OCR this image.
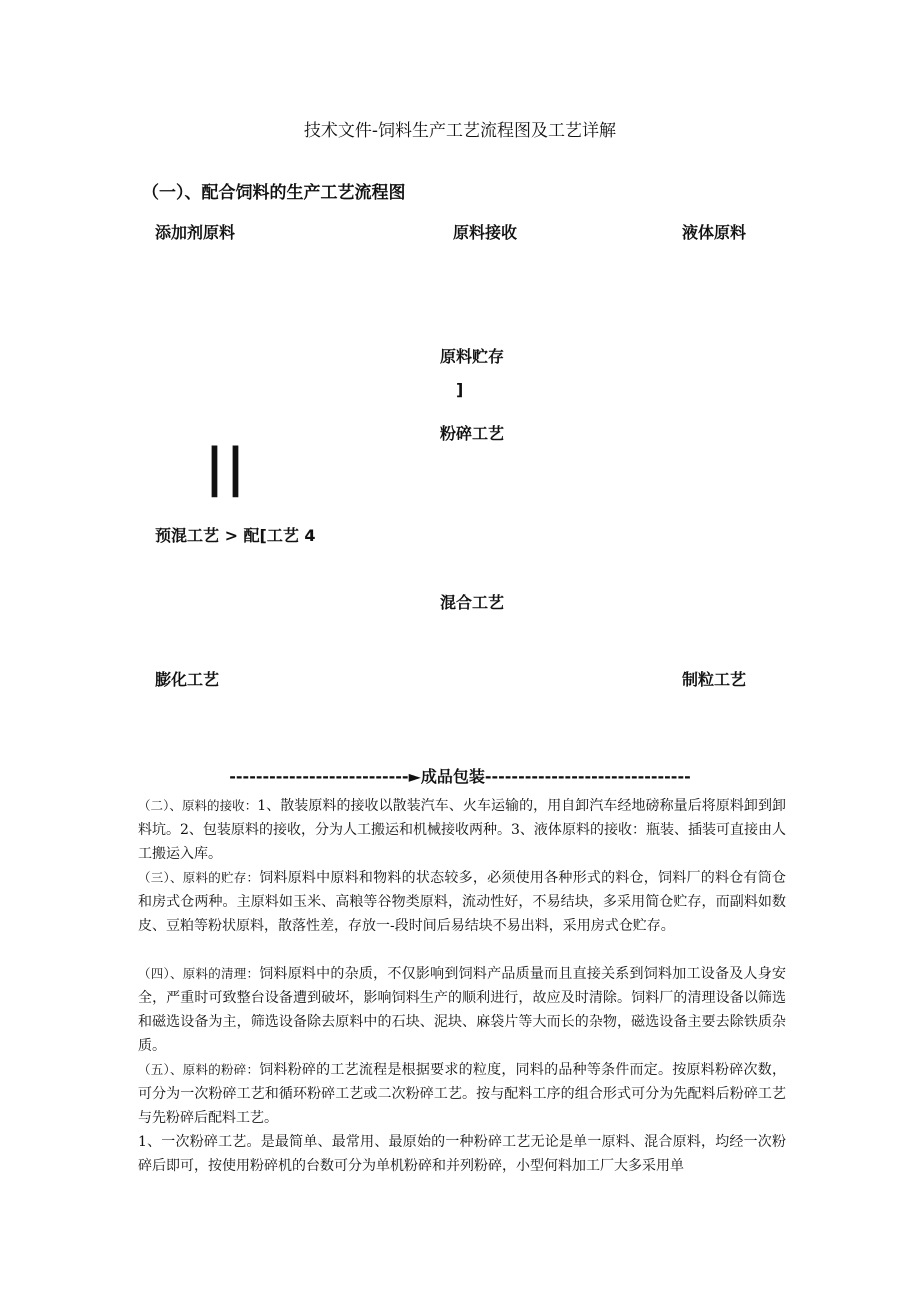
技术文件-饲料生产工艺流程图及工艺详解
（一）、配合饲料的生产工艺流程图
添加剂原料	原料接收	液体原料
原料贮存
]
粉碎工艺
||
预混工艺 > 配[工艺 4
混合工艺
膨化工艺	制粒工艺
---------------------------►成品包装-------------------------------
（二）、原料的接收：1、散装原料的接收以散装汽车、火车运输的，用自卸汽车经地磅称量后将原料卸到卸料坑。2、包装原料的接收，分为人工搬运和机械接收两种。3、液体原料的接收：瓶装、插装可直接由人工搬运入库。
（三）、原料的贮存：饲料原料中原料和物料的状态较多，必须使用各种形式的料仓，饲料厂的料仓有筒仓和房式仓两种。主原料如玉米、高粮等谷物类原料，流动性好，不易结块，多采用简仓贮存，而副料如数皮、豆粕等粉状原料，散落性差，存放一-段时间后易结块不易出料，采用房式仓贮存。
（四）、原料的清理：饲料原料中的杂质，不仅影响到饲料产品质量而且直接关系到饲料加工设备及人身安全，严重时可致整台设备遭到破坏，影响饲料生产的顺利进行，故应及时清除。饲料厂的清理设备以筛选和磁选设备为主，筛选设备除去原料中的石块、泥块、麻袋片等大而长的杂物，磁选设备主要去除铁质杂质。
（五）、原料的粉碎：饲料粉碎的工艺流程是根据要求的粒度，同料的品种等条件而定。按原料粉碎次数，可分为一次粉碎工艺和循环粉碎工艺或二次粉碎工艺。按与配料工序的组合形式可分为先配料后粉碎工艺与先粉碎后配料工艺。
1、一次粉碎工艺。是最简单、最常用、最原始的一种粉碎工艺无论是单一原料、混合原料，均经一次粉碎后即可，按使用粉碎机的台数可分为单机粉碎和并列粉碎，小型何料加工厂大多采用单
